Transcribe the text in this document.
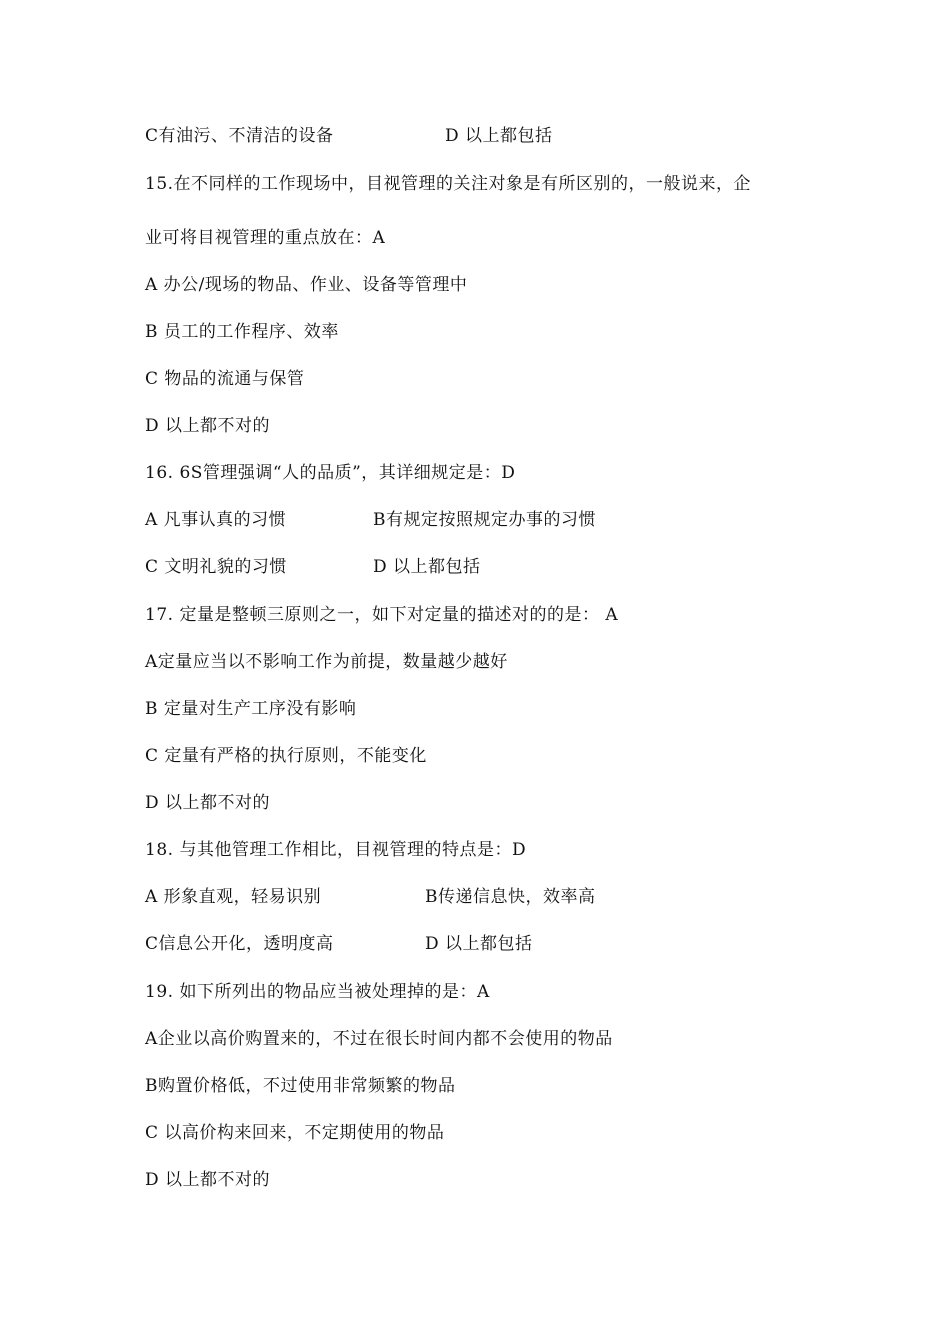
C有油污、不清洁的设备	D 以上都包括
15.在不同样的工作现场中，目视管理的关注对象是有所区别的，一般说来，企
业可将目视管理的重点放在：A
A 办公/现场的物品、作业、设备等管理中
B 员工的工作程序、效率
C 物品的流通与保管
D 以上都不对的
16. 6S管理强调“人的品质”，其详细规定是：D
A 凡事认真的习惯	B有规定按照规定办事的习惯
C 文明礼貌的习惯	D 以上都包括
17. 定量是整顿三原则之一，如下对定量的描述对的的是： A
A定量应当以不影响工作为前提，数量越少越好
B 定量对生产工序没有影响
C 定量有严格的执行原则，不能变化
D 以上都不对的
18. 与其他管理工作相比，目视管理的特点是：D
A 形象直观，轻易识别	B传递信息快，效率高
C信息公开化，透明度高	D 以上都包括
19. 如下所列出的物品应当被处理掉的是：A
A企业以高价购置来的，不过在很长时间内都不会使用的物品
B购置价格低，不过使用非常频繁的物品
C 以高价构来回来，不定期使用的物品
D 以上都不对的
